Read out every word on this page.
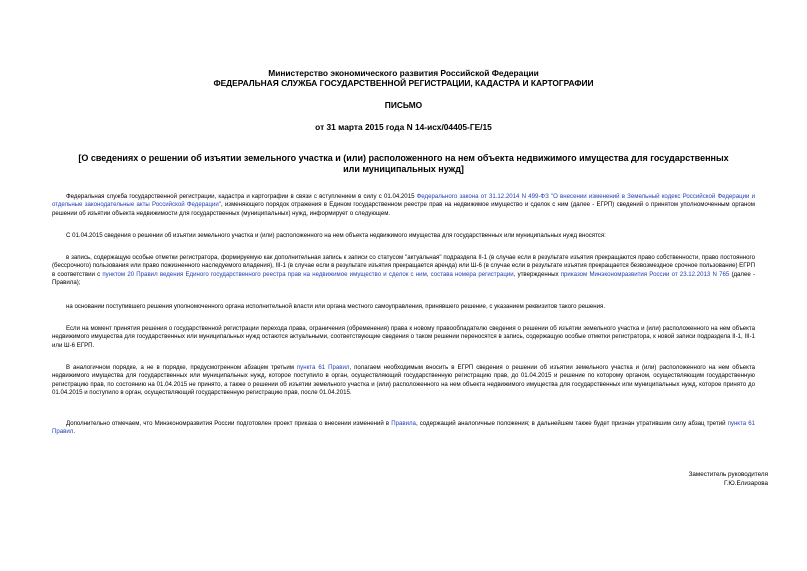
Министерство экономического развития Российской Федерации
ФЕДЕРАЛЬНАЯ СЛУЖБА ГОСУДАРСТВЕННОЙ РЕГИСТРАЦИИ, КАДАСТРА И КАРТОГРАФИИ
ПИСЬМО
от 31 марта 2015 года N 14-исх/04405-ГЕ/15
[О сведениях о решении об изъятии земельного участка и (или) расположенного на нем объекта недвижимого имущества для государственных или муниципальных нужд]
Федеральная служба государственной регистрации, кадастра и картографии в связи с вступлением в силу с 01.04.2015 Федерального закона от 31.12.2014 N 499-ФЗ "О внесении изменений в Земельный кодекс Российской Федерации и отдельные законодательные акты Российской Федерации", изменяющего порядок отражения в Едином государственном реестре прав на недвижимое имущество и сделок с ним (далее - ЕГРП) сведений о принятом уполномоченным органом решении об изъятии объекта недвижимости для государственных (муниципальных) нужд, информирует о следующем.
С 01.04.2015 сведения о решении об изъятии земельного участка и (или) расположенного на нем объекта недвижимого имущества для государственных или муниципальных нужд вносятся:
в запись, содержащую особые отметки регистратора, формируемую как дополнительная запись к записи со статусом "актуальная" подраздела II-1 (в случае если в результате изъятия прекращаются право собственности, право постоянного (бессрочного) пользования или право пожизненного наследуемого владения), III-1 (в случае если в результате изъятия прекращается аренда) или Ш-6 (в случае если в результате изъятия прекращается безвозмездное срочное пользование) ЕГРП в соответствии с пунктом 20 Правил ведения Единого государственного реестра прав на недвижимое имущество и сделок с ним, состава номера регистрации, утвержденных приказом Минэкономразвития России от 23.12.2013 N 765 (далее - Правила);
на основании поступившего решения уполномоченного органа исполнительной власти или органа местного самоуправления, принявшего решение, с указанием реквизитов такого решения.
Если на момент принятия решения о государственной регистрации перехода права, ограничения (обременения) права к новому правообладателю сведения о решении об изъятии земельного участка и (или) расположенного на нем объекта недвижимого имущества для государственных или муниципальных нужд остаются актуальными, соответствующие сведения о таком решении переносятся в запись, содержащую особые отметки регистратора, к новой записи подраздела II-1, III-1 или Ш-6 ЕГРП.
В аналогичном порядке, а не в порядке, предусмотренном абзацем третьим пункта 61 Правил, полагаем необходимым вносить в ЕГРП сведения о решении об изъятии земельного участка и (или) расположенного на нем объекта недвижимого имущества для государственных или муниципальных нужд, которое поступило в орган, осуществляющий государственную регистрацию прав, до 01.04.2015 и решение по которому органом, осуществляющим государственную регистрацию прав, по состоянию на 01.04.2015 не принято, а также о решении об изъятии земельного участка и (или) расположенного на нем объекта недвижимого имущества для государственных или муниципальных нужд, которое принято до 01.04.2015 и поступило в орган, осуществляющий государственную регистрацию прав, после 01.04.2015.
Дополнительно отмечаем, что Минэкономразвития России подготовлен проект приказа о внесении изменений в Правила, содержащий аналогичные положения; в дальнейшем также будет признан утратившим силу абзац третий пункта 61 Правил.
Заместитель руководителя
Г.Ю.Елизарова
